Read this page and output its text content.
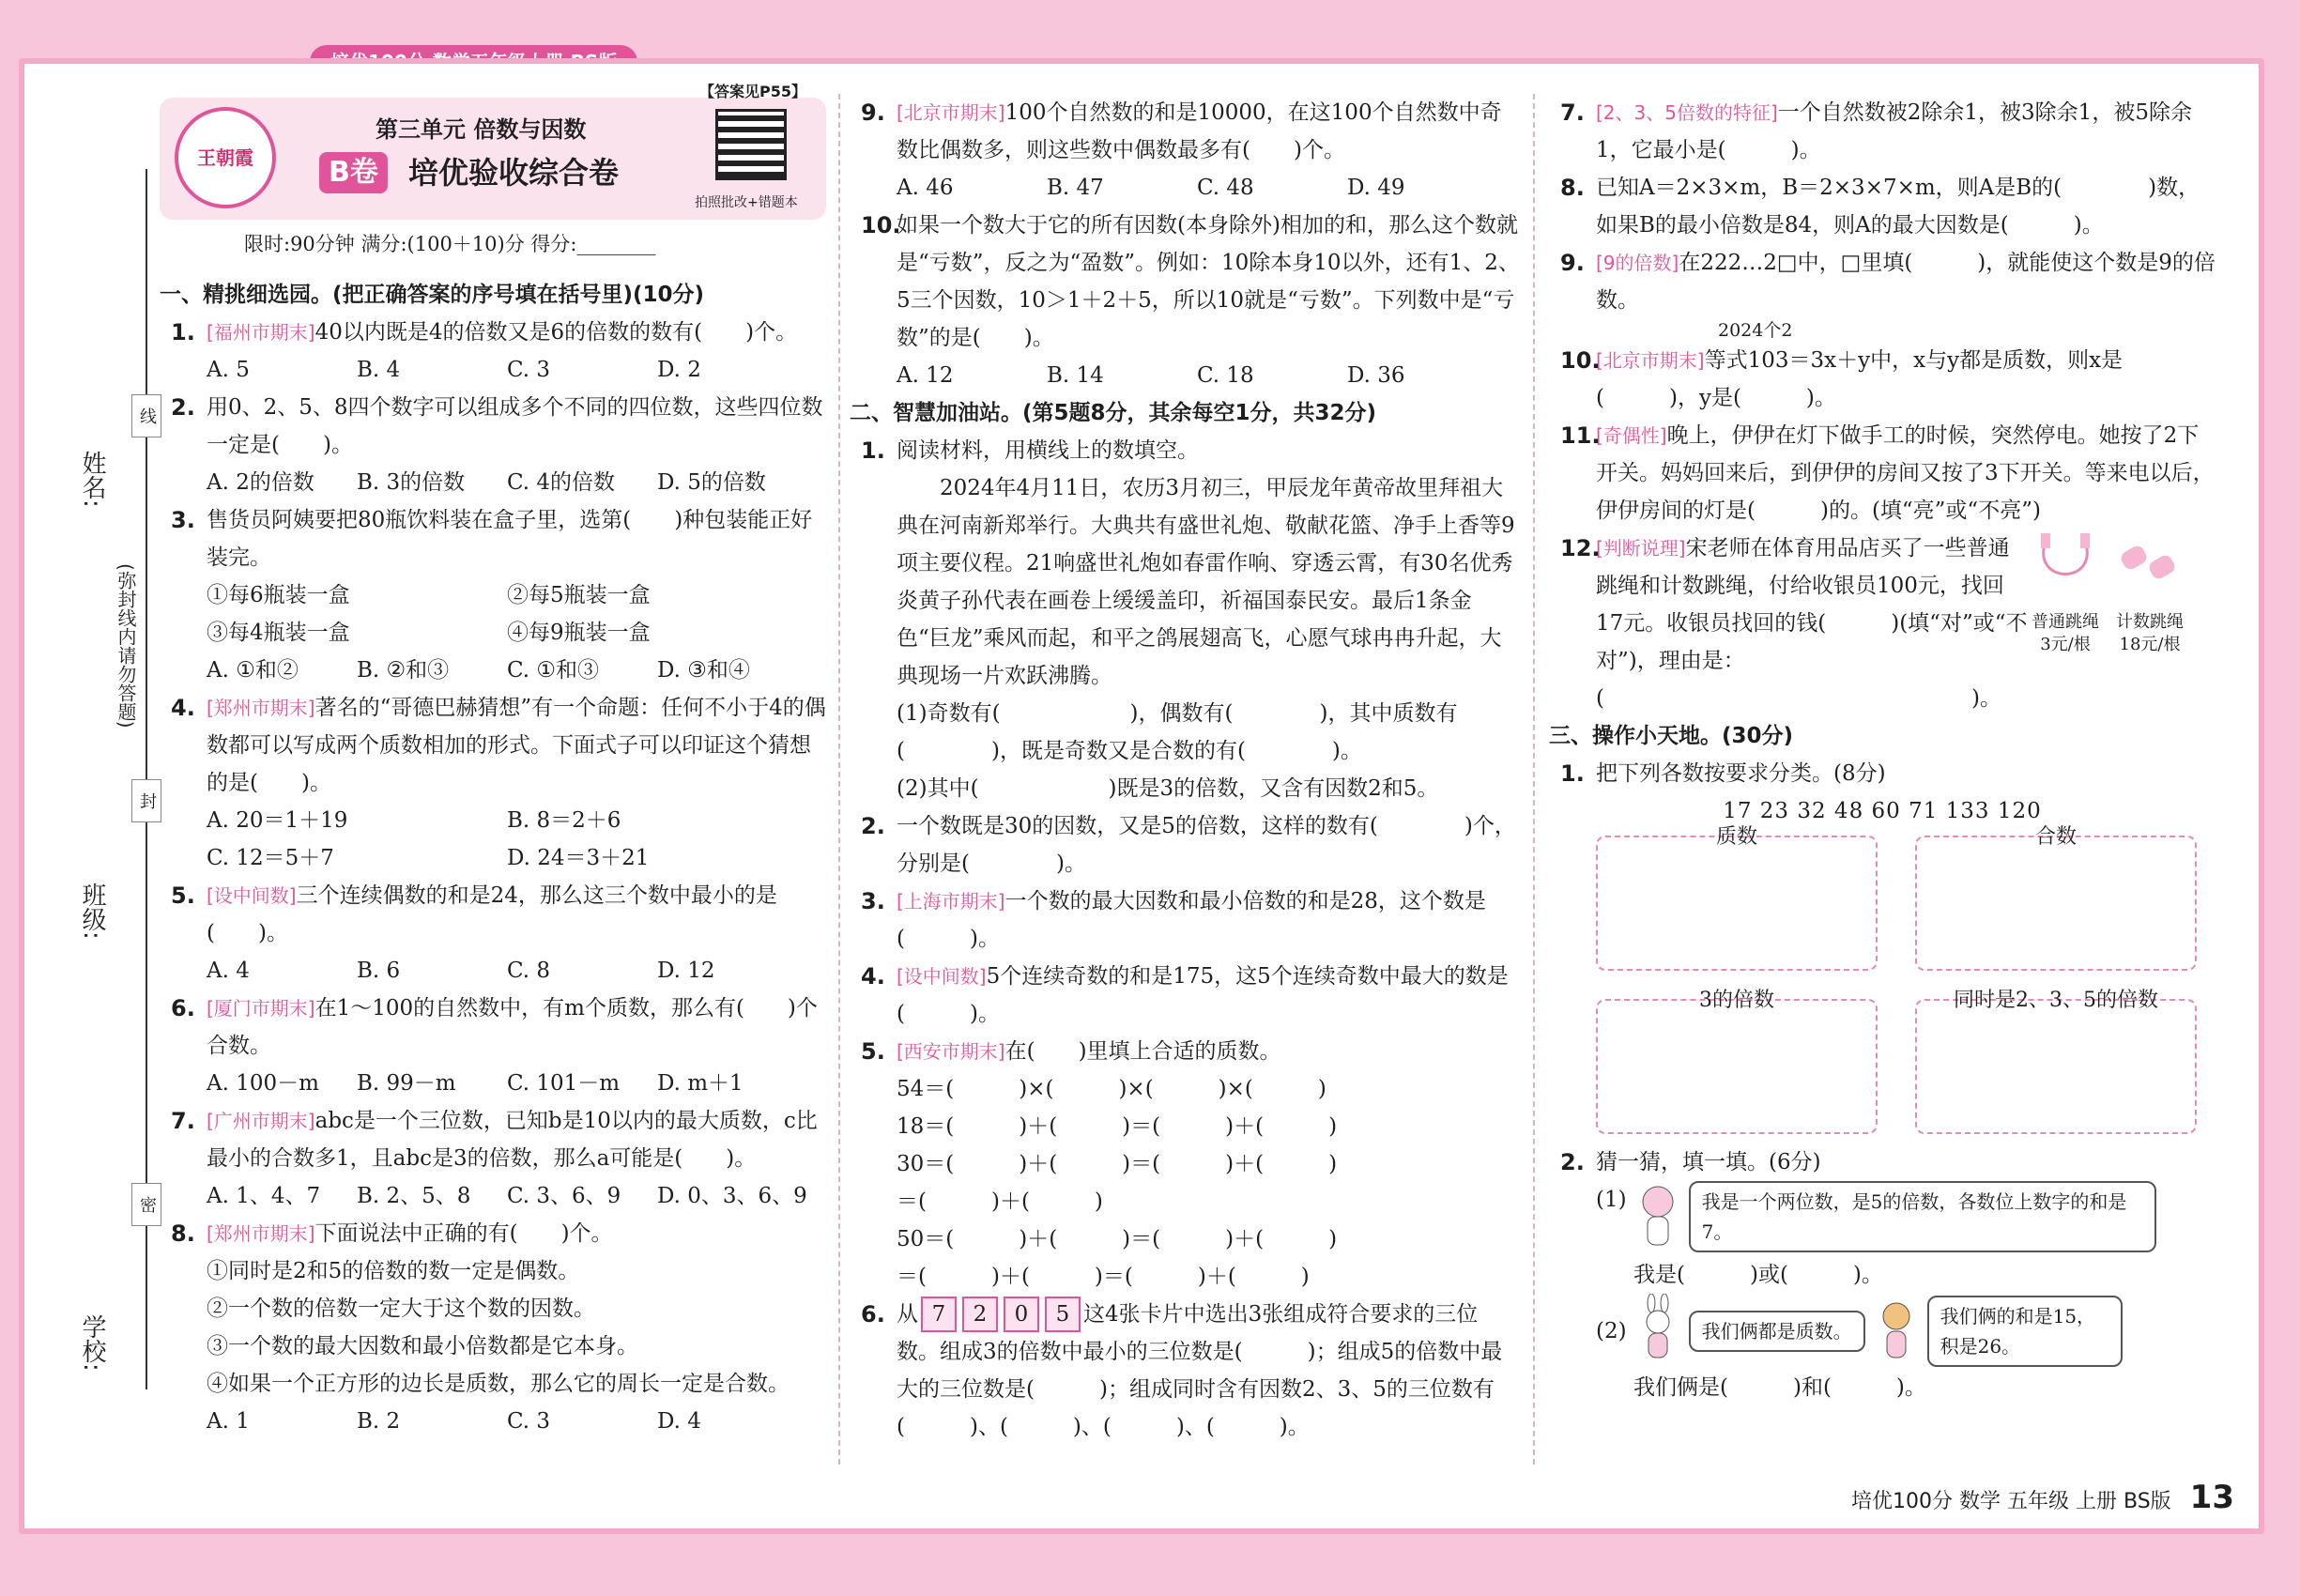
线
封
密
姓名:
(弥封线内请勿答题)
班级:
学校:
【答案见P55】
王朝霞
第三单元 倍数与因数
B卷	培优验收综合卷
拍照批改+错题本
限时:90分钟 满分:(100＋10)分 得分:________
一、精挑细选园。(把正确答案的序号填在括号里)(10分)
1. [福州市期末]40以内既是4的倍数又是6的倍数的数有(　　)个。
A. 5	B. 4	C. 3	D. 2
2. 用0、2、5、8四个数字可以组成多个不同的四位数，这些四位数一定是(　　)。
A. 2的倍数	B. 3的倍数	C. 4的倍数	D. 5的倍数
3. 售货员阿姨要把80瓶饮料装在盒子里，选第(　　)种包装能正好装完。
①每6瓶装一盒	②每5瓶装一盒
③每4瓶装一盒	④每9瓶装一盒
A. ①和②	B. ②和③	C. ①和③	D. ③和④
4. [郑州市期末]著名的“哥德巴赫猜想”有一个命题：任何不小于4的偶数都可以写成两个质数相加的形式。下面式子可以印证这个猜想的是(　　)。
A. 20＝1＋19	B. 8＝2＋6
C. 12＝5＋7	D. 24＝3＋21
5. [设中间数]三个连续偶数的和是24，那么这三个数中最小的是(　　)。
A. 4	B. 6	C. 8	D. 12
6. [厦门市期末]在1～100的自然数中，有m个质数，那么有(　　)个合数。
A. 100－m	B. 99－m	C. 101－m	D. m＋1
7. [广州市期末]abc是一个三位数，已知b是10以内的最大质数，c比最小的合数多1，且abc是3的倍数，那么a可能是(　　)。
A. 1、4、7	B. 2、5、8	C. 3、6、9	D. 0、3、6、9
8. [郑州市期末]下面说法中正确的有(　　)个。
①同时是2和5的倍数的数一定是偶数。
②一个数的倍数一定大于这个数的因数。
③一个数的最大因数和最小倍数都是它本身。
④如果一个正方形的边长是质数，那么它的周长一定是合数。
A. 1	B. 2	C. 3	D. 4
9. [北京市期末]100个自然数的和是10000，在这100个自然数中奇数比偶数多，则这些数中偶数最多有(　　)个。
A. 46	B. 47	C. 48	D. 49
10.
如果一个数大于它的所有因数(本身除外)相加的和，那么这个数就是“亏数”，反之为“盈数”。例如：10除本身10以外，还有1、2、5三个因数，10＞1＋2＋5，所以10就是“亏数”。下列数中是“亏数”的是(　　)。
A. 12	B. 14	C. 18	D. 36
二、智慧加油站。(第5题8分，其余每空1分，共32分)
1. 阅读材料，用横线上的数填空。
2024年4月11日，农历3月初三，甲辰龙年黄帝故里拜祖大典在河南新郑举行。大典共有盛世礼炮、敬献花篮、净手上香等9项主要仪程。21响盛世礼炮如春雷作响、穿透云霄，有30名优秀炎黄子孙代表在画卷上缓缓盖印，祈福国泰民安。最后1条金色“巨龙”乘风而起，和平之鸽展翅高飞，心愿气球冉冉升起，大典现场一片欢跃沸腾。
(1)奇数有(　　　　　　)，偶数有(　　　　)，其中质数有(　　　　)，既是奇数又是合数的有(　　　　)。
(2)其中(　　　　　　)既是3的倍数，又含有因数2和5。
2. 一个数既是30的因数，又是5的倍数，这样的数有(　　　　)个，分别是(　　　　)。
3. [上海市期末]一个数的最大因数和最小倍数的和是28，这个数是(　　　)。
4. [设中间数]5个连续奇数的和是175，这5个连续奇数中最大的数是(　　　)。
5. [西安市期末]在(　　)里填上合适的质数。
54＝(　　　)×(　　　)×(　　　)×(　　　)
18＝(　　　)＋(　　　)＝(　　　)＋(　　　)
30＝(　　　)＋(　　　)＝(　　　)＋(　　　)
＝(　　　)＋(　　　)
50＝(　　　)＋(　　　)＝(　　　)＋(　　　)
＝(　　　)＋(　　　)＝(　　　)＋(　　　)
6. 从 7 2 0 5 这4张卡片中选出3张组成符合要求的三位数。组成3的倍数中最小的三位数是(　　　)；组成5的倍数中最大的三位数是(　　　)；组成同时含有因数2、3、5的三位数有(　　　)、(　　　)、(　　　)、(　　　)。
7. [2、3、5倍数的特征]一个自然数被2除余1，被3除余1，被5除余1，它最小是(　　　)。
8. 已知A＝2×3×m，B＝2×3×7×m，则A是B的(　　　　)数，如果B的最小倍数是84，则A的最大因数是(　　　)。
9. [9的倍数]在222…2□中，□里填(　　　)，就能使这个数是9的倍数。
2024个2
10.
[北京市期末]等式103＝3x＋y中，x与y都是质数，则x是(　　　)，y是(　　　)。
11.
[奇偶性]晚上，伊伊在灯下做手工的时候，突然停电。她按了2下开关。妈妈回来后，到伊伊的房间又按了3下开关。等来电以后，伊伊房间的灯是(　　　)的。(填“亮”或“不亮”)
12.
[判断说理]宋老师在体育用品店买了一些普通跳绳和计数跳绳，付给收银员100元，找回17元。收银员找回的钱(　　　)(填“对”或“不对”)，理由是：(　　　　　　　　　　　　　　　　　)。
普通跳绳
3元/根
计数跳绳
18元/根
三、操作小天地。(30分)
1. 把下列各数按要求分类。(8分)
17 23 32 48 60 71 133 120
质数	合数
3的倍数	同时是2、3、5的倍数
2. 猜一猜，填一填。(6分)
(1)	我是一个两位数，是5的倍数，各数位上数字的和是7。
我是(　　　)或(　　　)。
(2)	我们俩都是质数。
我们俩的和是15，积是26。
我们俩是(　　　)和(　　　)。
培优100分 数学 五年级 上册 BS版 13
